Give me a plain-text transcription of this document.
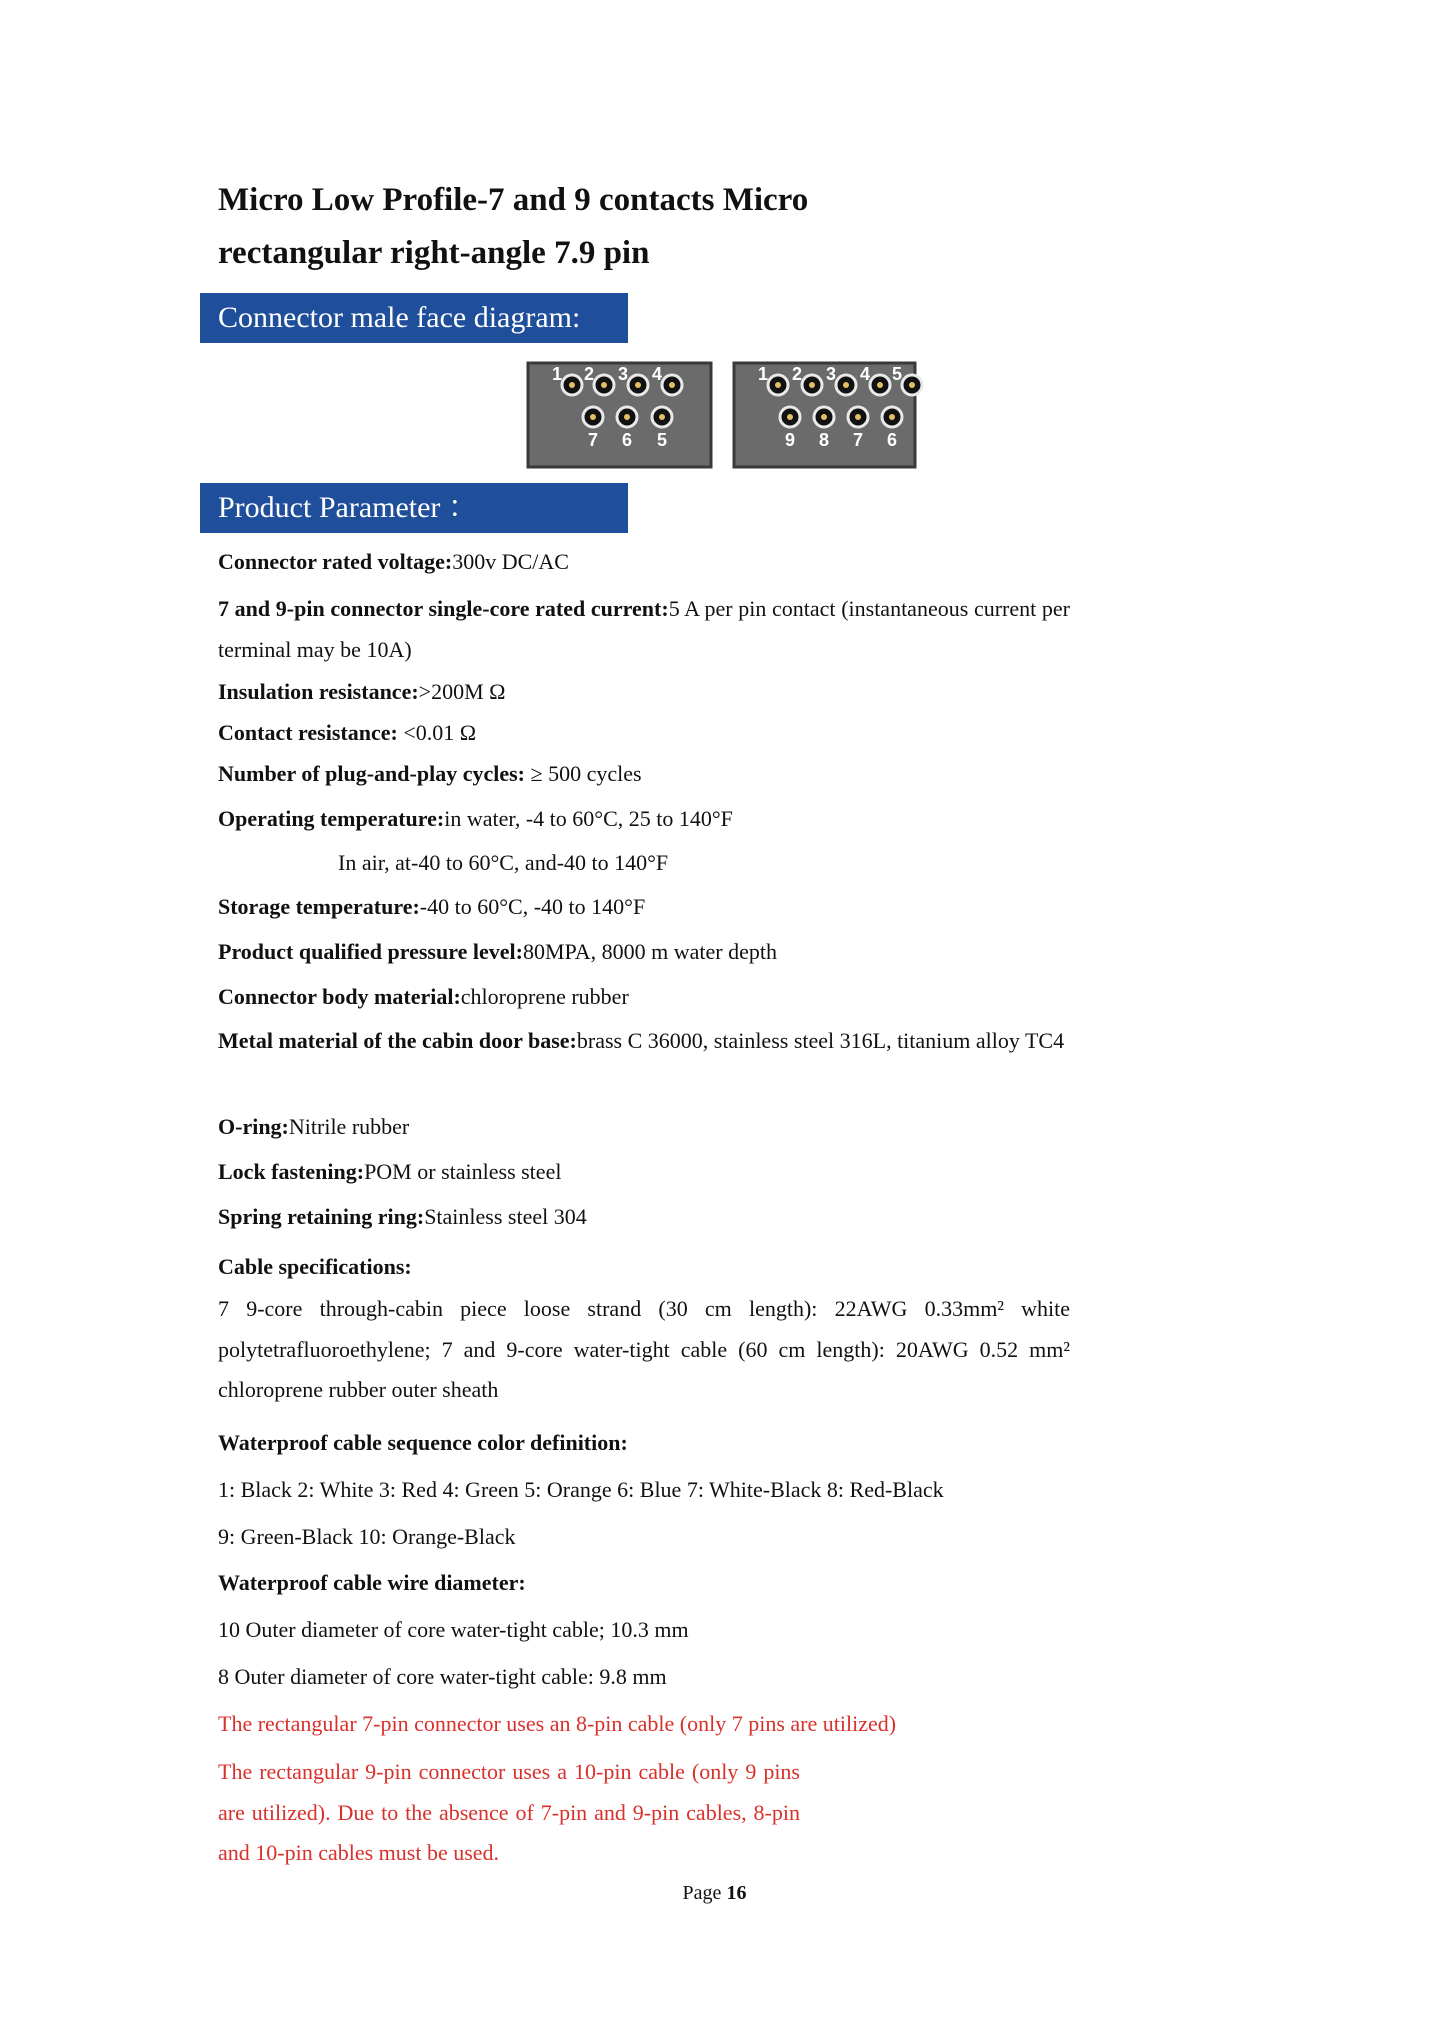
Micro Low Profile-7 and 9 contacts Micro
rectangular right-angle 7.9 pin
Connector male face diagram:
1 2 3 4
7 6 5
1 2 3 4 5
9 8 7 6
Product Parameter ：
Connector rated voltage:300v DC/AC
7 and 9-pin connector single-core rated current:5 A per pin contact (instantaneous current per terminal may be 10A)
Insulation resistance:>200M Ω
Contact resistance: <0.01 Ω
Number of plug-and-play cycles: ≥ 500 cycles
Operating temperature:in water, -4 to 60°C, 25 to 140°F
In air, at-40 to 60°C, and-40 to 140°F
Storage temperature:-40 to 60°C, -40 to 140°F
Product qualified pressure level:80MPA, 8000 m water depth
Connector body material:chloroprene rubber
Metal material of the cabin door base:brass C 36000, stainless steel 316L, titanium alloy TC4
O-ring:Nitrile rubber
Lock fastening:POM or stainless steel
Spring retaining ring:Stainless steel 304
Cable specifications:
7 9-core through-cabin piece loose strand (30 cm length): 22AWG 0.33mm² white polytetrafluoroethylene; 7 and 9-core water-tight cable (60 cm length): 20AWG 0.52 mm² chloroprene rubber outer sheath
Waterproof cable sequence color definition:
1: Black 2: White 3: Red 4: Green 5: Orange 6: Blue 7: White-Black 8: Red-Black
9: Green-Black 10: Orange-Black
Waterproof cable wire diameter:
10 Outer diameter of core water-tight cable; 10.3 mm
8 Outer diameter of core water-tight cable: 9.8 mm
The rectangular 7-pin connector uses an 8-pin cable (only 7 pins are utilized)
The rectangular 9-pin connector uses a 10-pin cable (only 9 pins are utilized). Due to the absence of 7-pin and 9-pin cables, 8-pin and 10-pin cables must be used.
Page 16
